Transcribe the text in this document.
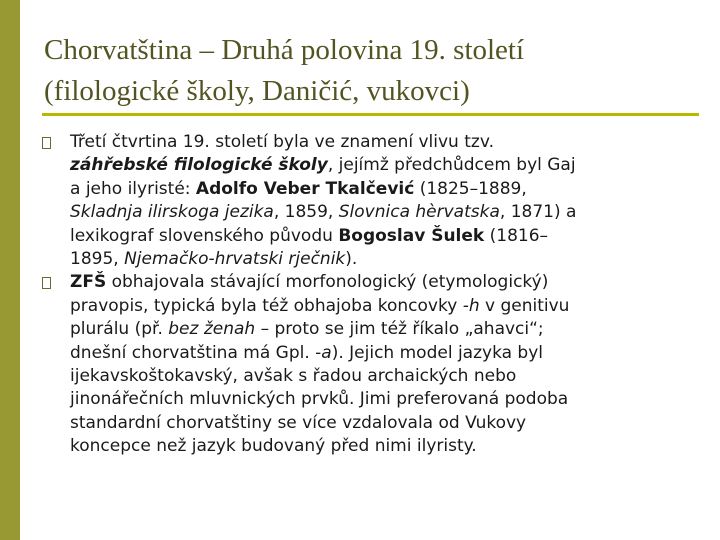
Chorvatština – Druhá polovina 19. století
(filologické školy, Daničić, vukovci)
Třetí čtvrtina 19. století byla ve znamení vlivu tzv.
záhřebské filologické školy, jejímž předchůdcem byl Gaj
a jeho ilyristé: Adolfo Veber Tkalčević (1825–1889,
Skladnja ilirskoga jezika, 1859, Slovnica hèrvatska, 1871) a
lexikograf slovenského původu Bogoslav Šulek (1816–
1895, Njemačko-hrvatski rječnik).
ZFŠ obhajovala stávající morfonologický (etymologický)
pravopis, typická byla též obhajoba koncovky -h v genitivu
plurálu (př. bez ženah – proto se jim též říkalo „ahavci“;
dnešní chorvatština má Gpl. -a). Jejich model jazyka byl
ijekavskoštokavský, avšak s řadou archaických nebo
jinonářečních mluvnických prvků. Jimi preferovaná podoba
standardní chorvatštiny se více vzdalovala od Vukovy
koncepce než jazyk budovaný před nimi ilyristy.
